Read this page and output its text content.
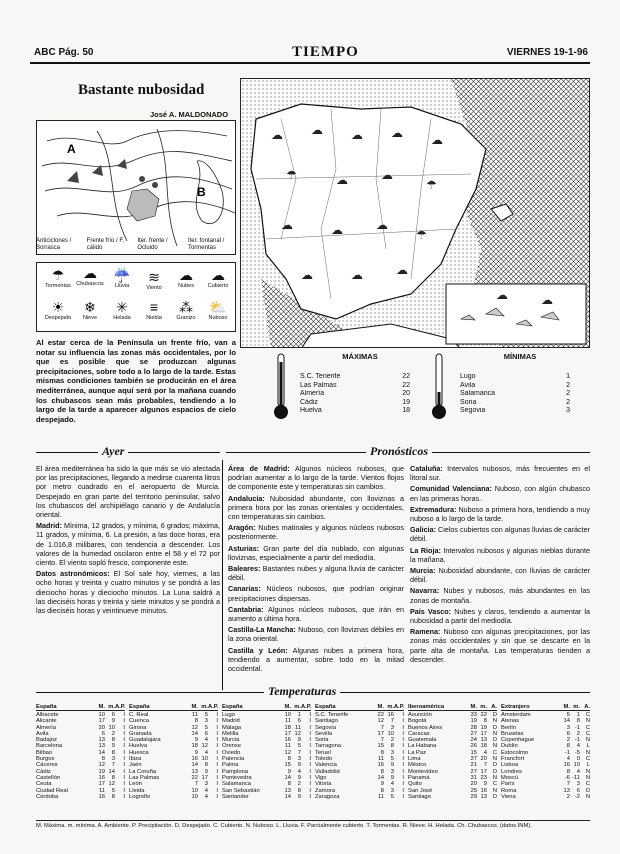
ABC Pág. 50	TIEMPO	VIERNES 19-1-96
Bastante nubosidad
José A. MALDONADO
B
A
Anticiclones / Borrasca
Frente frío / F. cálido
Iter. frente / Ocluido
Iter. fontanal / Tormentas
☂
Tormentas
☁
Chubascos
☔
Lluvia
≋
Viento
☁
Nubes
☁
Cubierto
☀
Despejado
❄
Nieve
✳
Helada
≡
Niebla
⁂
Granizo
⛅
Nuboso
Al estar cerca de la Península un frente frío, van a notar su influencia las zonas más occidentales, por lo que es posible que se produzcan algunas precipitaciones, sobre todo a lo largo de la tarde. Estas mismas condiciones también se producirán en el área mediterránea, aunque aquí será por la mañana cuando los chubascos sean más probables, tendiendo a lo largo de la tarde a aparecer algunos espacios de cielo despejado.
☁ ☁ ☁ ☁ ☁
☂	☁	☁
☂
☁	☁	☁
☂
☁	☁	☁
☁	☁
MÁXIMAS
S.C. Tenerife	22
Las Palmas	22
Almería	20
Cádiz	19
Huelva	18
MÍNIMAS
Lugo	1
Ávila	2
Salamanca	2
Soria	2
Segovia	3
Ayer	Pronósticos

El área mediterránea ha sido la que más se vio afectada por las precipitaciones, llegando a medirse cuarenta litros por metro cuadrado en el aeropuerto de Murcia. Despejado en gran parte del territorio peninsular, salvo los chubascos del archipiélago canario y de Andalucía oriental.

Madrid: Mínima, 12 grados, y mínima, 6 grados; máxima, 11 grados, y mínima, 6. La presión, a las doce horas, era de 1.016,8 milibares, con tendencia a descender. Los valores de la humedad oscilaron entre el 58 y el 72 por ciento. El viento sopló fresco, componente este.

Datos astronómicos: El Sol sale hoy, viernes, a las ocho horas y treinta y cuatro minutos y se pondrá a las dieciocho horas y dieciocho minutos. La Luna saldrá a las dieciséis horas y treinta y siete minutos y se pondrá a las dieciséis horas y veintinueve minutos.

Área de Madrid: Algunos núcleos nubosos, que podrían aumentar a lo largo de la tarde. Vientos flojos de componente este y temperaturas sin cambios.

Andalucía: Nubosidad abundante, con lloviznas a primera hora por las zonas orientales y occidentales, con temperaturas sin cambios.

Aragón: Nubes matinales y algunos núcleos nubosos posteriormente.

Asturias: Gran parte del día nublado, con algunas lloviznas, especialmente a partir del mediodía.

Baleares: Bastantes nubes y alguna lluvia de carácter débil.

Canarias: Núcleos nubosos, que podrían originar precipitaciones dispersas.

Cantabria: Algunos núcleos nubosos, que irán en aumento a última hora.

Castilla-La Mancha: Nuboso, con lloviznas débiles en la zona oriental.

Castilla y León: Algunas nubes a primera hora, tendiendo a aumentar, sobre todo en la mitad occidental.

Cataluña: Intervalos nubosos, más frecuentes en el litoral sur.

Comunidad Valenciana: Nuboso, con algún chubasco en las primeras horas.

Extremadura: Nuboso a primera hora, tendiendo a muy nuboso a lo largo de la tarde.

Galicia: Cielos cubiertos con algunas lluvias de carácter débil.

La Rioja: Intervalos nubosos y algunas nieblas durante la mañana.

Murcia: Nubosidad abundante, con lluvias de carácter débil.

Navarra: Nubes y nubosos, más abundantes en las zonas de montaña.

País Vasco: Nubes y claros, tendiendo a aumentar la nubosidad a partir del mediodía.

Ramena: Nuboso con algunas precipitaciones, por las zonas más occidentales y sin que se descarte en la parte alta de montaña. Las temperaturas tienden a descender.

Temperaturas
España	M. m. A.P.
Albacete	10	6	I
Alicante	17	9	I
Almería	20 10	I
Ávila	6	2	I
Badajoz	13	8	I
Barcelona	13	9	I
Bilbao	14	8	I
Burgos	8	3	I
Cáceres	12	7	I
Cádiz	19 14	I
Castellón	16	8	I
Ceuta	17 12	I
Ciudad Real	11	5	I
Córdoba	16	8	I
España	M. m. A.P.
C. Real	11	5	I
Cuenca	8	3	I
Girona	12	5	I
Granada	14	6	I
Guadalajara	9	4	I
Huelva	18 12	I
Huesca	9	4	I
Ibiza	16 10	I
Jaén	14	8	I
La Coruña	13	9	I
Las Palmas	22 17	I
León	7	3	I
Lleida	10	4	I
Logroño	10	4	I
España	M. m. A.P.
Lugo	10	1	I
Madrid	11	6	I
Málaga	18 11	I
Melilla	17 12	I
Murcia	16	9	I
Orense	11	5	I
Oviedo	12	7	I
Palencia	8	3	I
Palma	15	9	I
Pamplona	9	4	I
Pontevedra	14	9	I
Salamanca	8	2	I
San Sebastián	13	8	I
Santander	14	9	I
España	M. m. A.P.
S.C. Tenerife	22 16	I
Santiago	12	7	I
Segovia	7	3	I
Sevilla	17 10	I
Soria	7	2	I
Tarragona	15	8	I
Teruel	8	3	I
Toledo	11	5	I
Valencia	16	9	I
Valladolid	8	3	I
Vigo	14	9	I
Vitoria	9	4	I
Zamora	8	3	I
Zaragoza	11	5	I
Iberoamérica	M. m. A.
Asunción	33 22	D
Bogotá	19	8	N
Buenos Aires	28 19	D
Caracas	27 17	N
Guatemala	24 13	D
La Habana	26 18	N
La Paz	15	4	C
Lima	27 20	N
México	21	7	D
Montevideo	27 17	D
Panamá	31 23	N
Quito	20	9	C
San José	25 16	N
Santiago	29 13	D
Extranjero	M. m. A.
Ámsterdam	5	1	C
Atenas	14	8	N
Berlín	3 -1	C
Bruselas	6	2	C
Copenhague	2 -1	N
Dublín	8	4	L
Estocolmo	-1 -5	N
Francfort	4	0	C
Lisboa	16 10	L
Londres	8	4	N
Moscú	-6 -11	N
París	7	3	C
Roma	13	6	D
Viena	2 -2	N
M. Máxima. m. mínima. A. Ambiente. P. Precipitación. D. Despejado. C. Cubierto. N. Nuboso. L. Lluvia. F. Parcialmente cubierto. T. Tormentas. R. Nieve. H. Helada. Ch. Chubascos. (datos INM).
